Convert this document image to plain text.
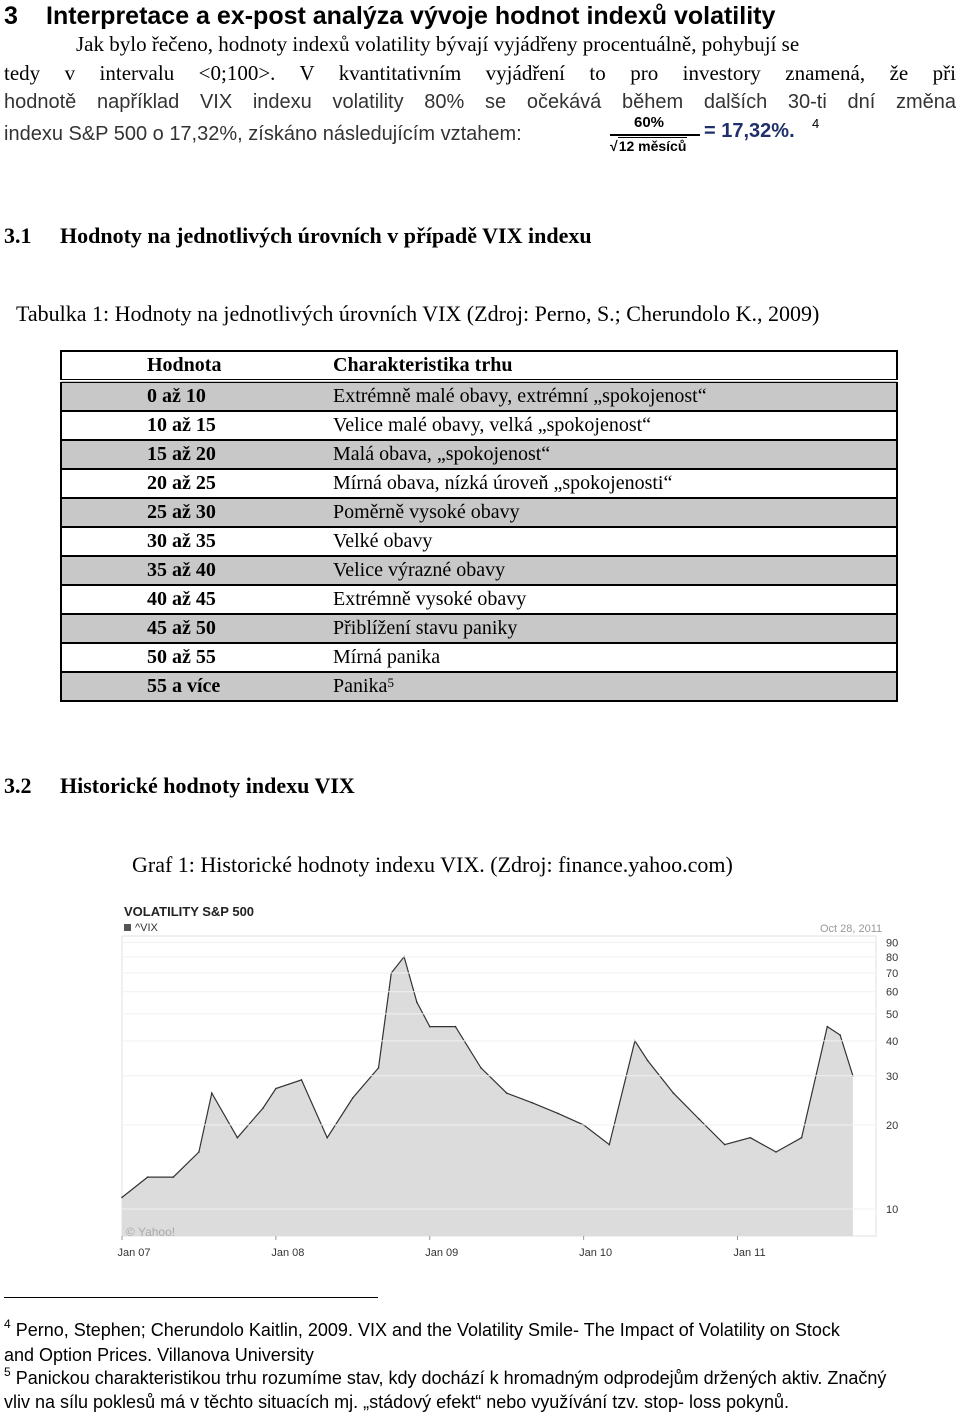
3 Interpretace a ex-post analýza vývoje hodnot indexů volatility
Jak bylo řečeno, hodnoty indexů volatility bývají vyjádřeny procentuálně, pohybují se
tedy v intervalu <0;100>. V kvantitativním vyjádření to pro investory znamená, že při
hodnotě například VIX indexu volatility 80% se očekává během dalších 30-ti dní změna
indexu S&P 500 o 17,32%, získáno následujícím vztahem:
60%
√12 měsíců
= 17,32%. 4
3.1 Hodnoty na jednotlivých úrovních v případě VIX indexu
Tabulka 1: Hodnoty na jednotlivých úrovních VIX (Zdroj: Perno, S.; Cherundolo K., 2009)
Hodnota	Charakteristika trhu
0 až 10	Extrémně malé obavy, extrémní „spokojenost“
10 až 15	Velice malé obavy, velká „spokojenost“
15 až 20	Malá obava, „spokojenost“
20 až 25	Mírná obava, nízká úroveň „spokojenosti“
25 až 30	Poměrně vysoké obavy
30 až 35	Velké obavy
35 až 40	Velice výrazné obavy
40 až 45	Extrémně vysoké obavy
45 až 50	Přiblížení stavu paniky
50 až 55	Mírná panika
55 a více	Panika$^5$
3.2 Historické hodnoty indexu VIX
Graf 1: Historické hodnoty indexu VIX. (Zdroj: finance.yahoo.com)
VOLATILITY S&P 500
^VIX	Oct 28, 2011
10
20
30
40
50
60
70
80
90
Jan 07	Jan 08	Jan 09	Jan 10	Jan 11
© Yahoo!
$^4$ Perno, Stephen; Cherundolo Kaitlin, 2009. VIX and the Volatility Smile- The Impact of Volatility on Stock
and Option Prices. Villanova University
$^5$ Panickou charakteristikou trhu rozumíme stav, kdy dochází k hromadným odprodejům držených aktiv. Značný
vliv na sílu poklesů má v těchto situacích mj. „stádový efekt“ nebo využívání tzv. stop- loss pokynů.
